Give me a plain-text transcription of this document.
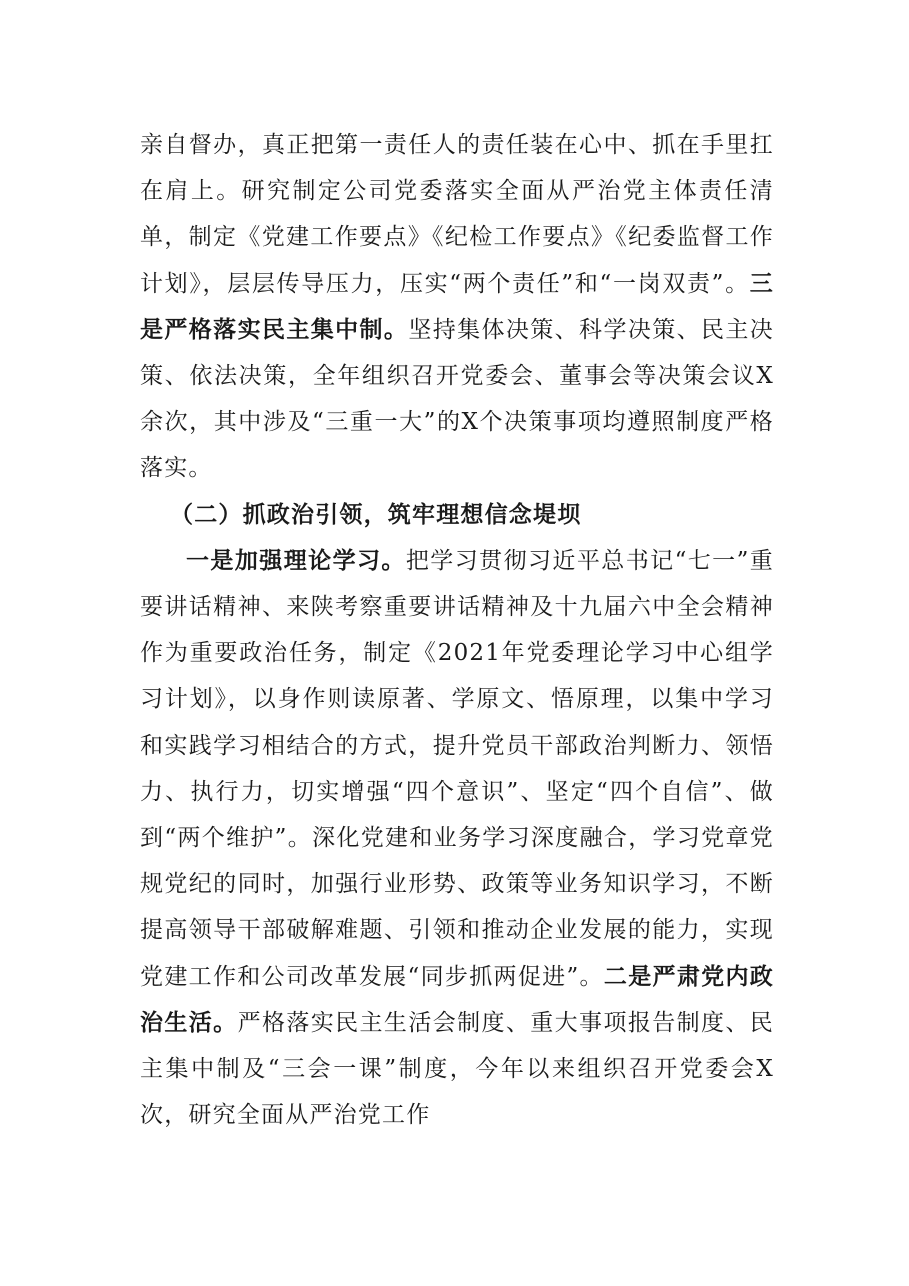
亲自督办，真正把第一责任人的责任装在心中、抓在手里扛在肩上。研究制定公司党委落实全面从严治党主体责任清单，制定《党建工作要点》《纪检工作要点》《纪委监督工作计划》，层层传导压力，压实“两个责任”和“一岗双责”。三是严格落实民主集中制。坚持集体决策、科学决策、民主决策、依法决策，全年组织召开党委会、董事会等决策会议X余次，其中涉及“三重一大”的X个决策事项均遵照制度严格落实。

（二）抓政治引领，筑牢理想信念堤坝

一是加强理论学习。把学习贯彻习近平总书记“七一”重要讲话精神、来陕考察重要讲话精神及十九届六中全会精神作为重要政治任务，制定《2021年党委理论学习中心组学习计划》，以身作则读原著、学原文、悟原理，以集中学习和实践学习相结合的方式，提升党员干部政治判断力、领悟力、执行力，切实增强“四个意识”、坚定“四个自信”、做到“两个维护”。深化党建和业务学习深度融合，学习党章党规党纪的同时，加强行业形势、政策等业务知识学习，不断提高领导干部破解难题、引领和推动企业发展的能力，实现党建工作和公司改革发展“同步抓两促进”。二是严肃党内政治生活。严格落实民主生活会制度、重大事项报告制度、民主集中制及“三会一课”制度，今年以来组织召开党委会X次，研究全面从严治党工作
